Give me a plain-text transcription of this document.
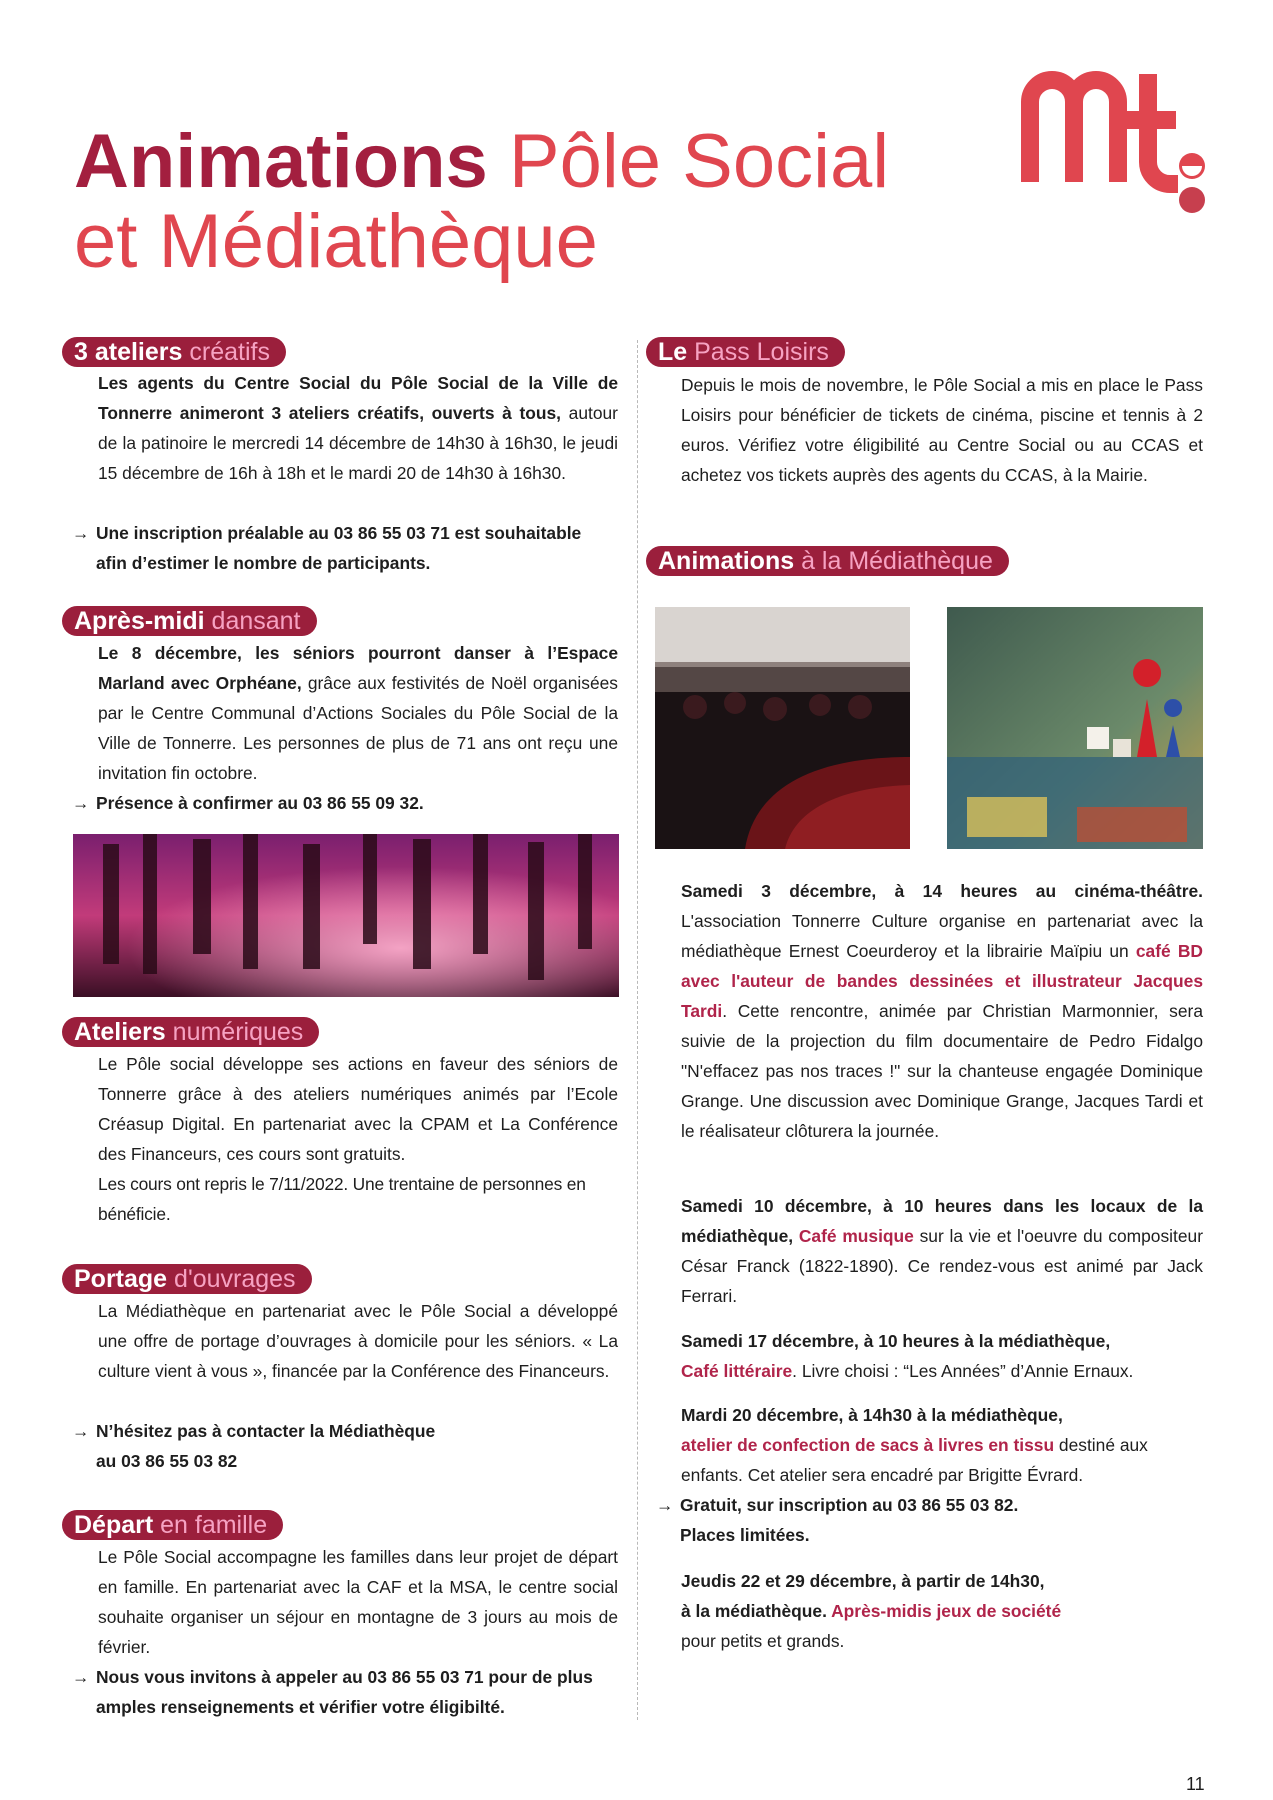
Animations Pôle Social
et Médiathèque
3 ateliers créatifs

Les agents du Centre Social du Pôle Social de la Ville de Tonnerre animeront 3 ateliers créatifs, ouverts à tous, autour de la patinoire le mercredi 14 décembre de 14h30 à 16h30, le jeudi 15 décembre de 16h à 18h et le mardi 20 de 14h30 à 16h30.

→ Une inscription préalable au 03 86 55 03 71 est souhaitable afin d’estimer le nombre de participants.

Après-midi dansant

Le 8 décembre, les séniors pourront danser à l’Espace Marland avec Orphéane, grâce aux festivités de Noël organisées par le Centre Communal d’Actions Sociales du Pôle Social de la Ville de Tonnerre. Les personnes de plus de 71 ans ont reçu une invitation fin octobre.

→ Présence à confirmer au 03 86 55 09 32.

Ateliers numériques

Le Pôle social développe ses actions en faveur des séniors de Tonnerre grâce à des ateliers numériques animés par l’Ecole Créasup Digital. En partenariat avec la CPAM et La Conférence des Financeurs, ces cours sont gratuits.

Les cours ont repris le 7/11/2022. Une trentaine de personnes en bénéficie.

Portage d'ouvrages

La Médiathèque en partenariat avec le Pôle Social a développé une offre de portage d’ouvrages à domicile pour les séniors. « La culture vient à vous », financée par la Conférence des Financeurs.

→ N’hésitez pas à contacter la Médiathèque
au 03 86 55 03 82

Départ en famille

Le Pôle Social accompagne les familles dans leur projet de départ en famille. En partenariat avec la CAF et la MSA, le centre social souhaite organiser un séjour en montagne de 3 jours au mois de février.

→ Nous vous invitons à appeler au 03 86 55 03 71 pour de plus amples renseignements et vérifier votre éligibilté.

Le Pass Loisirs

Depuis le mois de novembre, le Pôle Social a mis en place le Pass Loisirs pour bénéficier de tickets de cinéma, piscine et tennis à 2 euros. Vérifiez votre éligibilité au Centre Social ou au CCAS et achetez vos tickets auprès des agents du CCAS, à la Mairie.

Animations à la Médiathèque

Samedi 3 décembre, à 14 heures au cinéma-théâtre. L'association Tonnerre Culture organise en partenariat avec la médiathèque Ernest Coeurderoy et la librairie Maïpiu un café BD avec l'auteur de bandes dessinées et illustrateur Jacques Tardi. Cette rencontre, animée par Christian Marmonnier, sera suivie de la projection du film documentaire de Pedro Fidalgo "N'effacez pas nos traces !" sur la chanteuse engagée Dominique Grange. Une discussion avec Dominique Grange, Jacques Tardi et le réalisateur clôturera la journée.

Samedi 10 décembre, à 10 heures dans les locaux de la médiathèque, Café musique sur la vie et l'oeuvre du compositeur César Franck (1822-1890). Ce rendez-vous est animé par Jack Ferrari.

Samedi 17 décembre, à 10 heures à la médiathèque,
Café littéraire. Livre choisi : “Les Années” d’Annie Ernaux.

Mardi 20 décembre, à 14h30 à la médiathèque,
atelier de confection de sacs à livres en tissu destiné aux enfants. Cet atelier sera encadré par Brigitte Évrard.

→ Gratuit, sur inscription au 03 86 55 03 82.
Places limitées.

Jeudis 22 et 29 décembre, à partir de 14h30,
à la médiathèque. Après-midis jeux de société
pour petits et grands.

11
